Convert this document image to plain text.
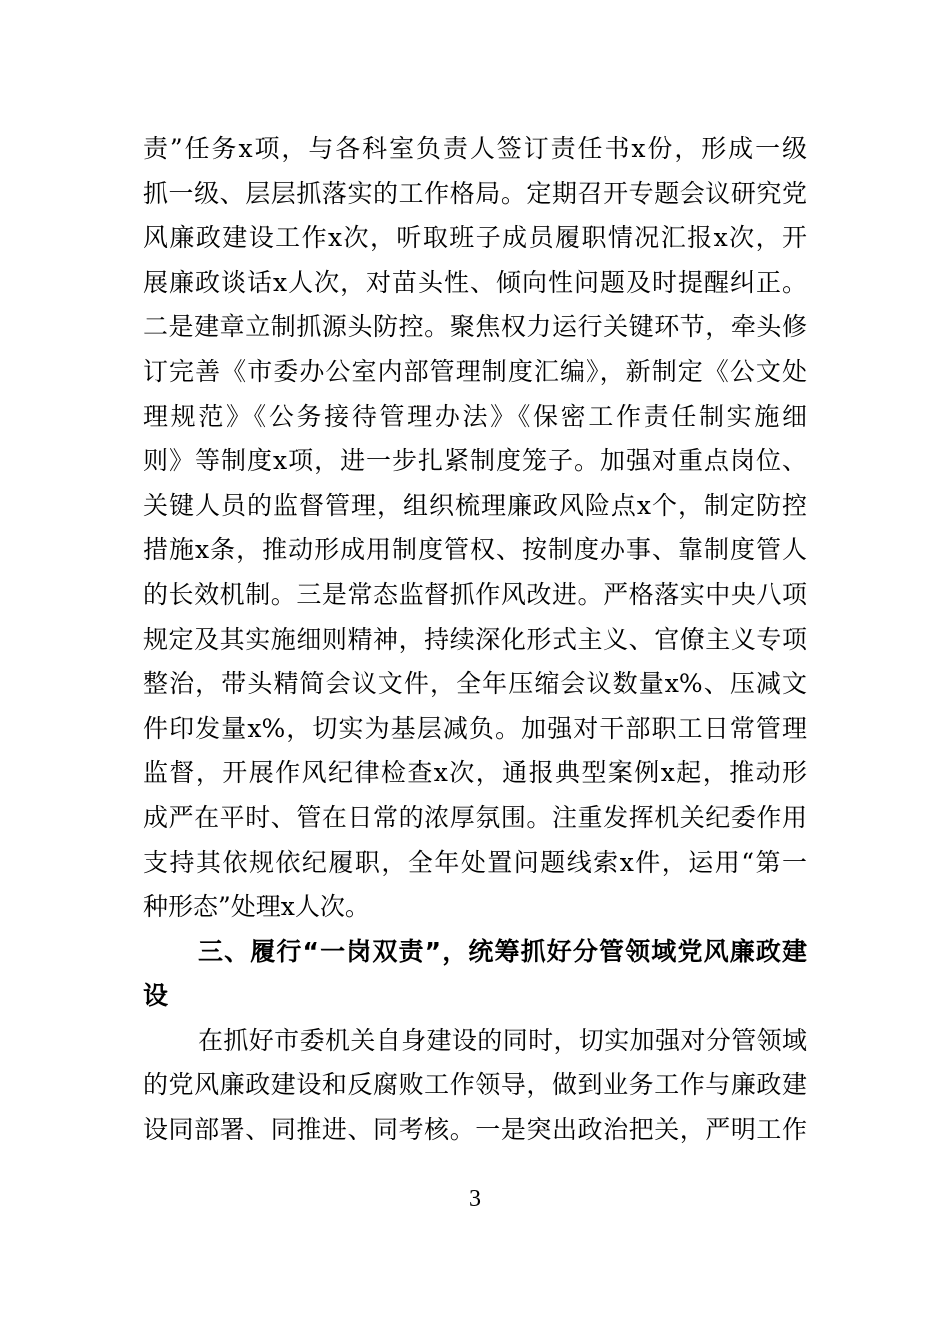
责”任务x项，与各科室负责人签订责任书x份，形成一级
抓一级、层层抓落实的工作格局。定期召开专题会议研究党
风廉政建设工作x次，听取班子成员履职情况汇报x次，开
展廉政谈话x人次，对苗头性、倾向性问题及时提醒纠正。
二是建章立制抓源头防控。聚焦权力运行关键环节，牵头修
订完善《市委办公室内部管理制度汇编》，新制定《公文处
理规范》《公务接待管理办法》《保密工作责任制实施细
则》等制度x项，进一步扎紧制度笼子。加强对重点岗位、
关键人员的监督管理，组织梳理廉政风险点x个，制定防控
措施x条，推动形成用制度管权、按制度办事、靠制度管人
的长效机制。三是常态监督抓作风改进。严格落实中央八项
规定及其实施细则精神，持续深化形式主义、官僚主义专项
整治，带头精简会议文件，全年压缩会议数量x%、压减文
件印发量x%，切实为基层减负。加强对干部职工日常管理
监督，开展作风纪律检查x次，通报典型案例x起，推动形
成严在平时、管在日常的浓厚氛围。注重发挥机关纪委作用
支持其依规依纪履职，全年处置问题线索x件，运用“第一
种形态”处理x人次。
三、履行“一岗双责”，统筹抓好分管领域党风廉政建
设
在抓好市委机关自身建设的同时，切实加强对分管领域
的党风廉政建设和反腐败工作领导，做到业务工作与廉政建
设同部署、同推进、同考核。一是突出政治把关，严明工作
3
